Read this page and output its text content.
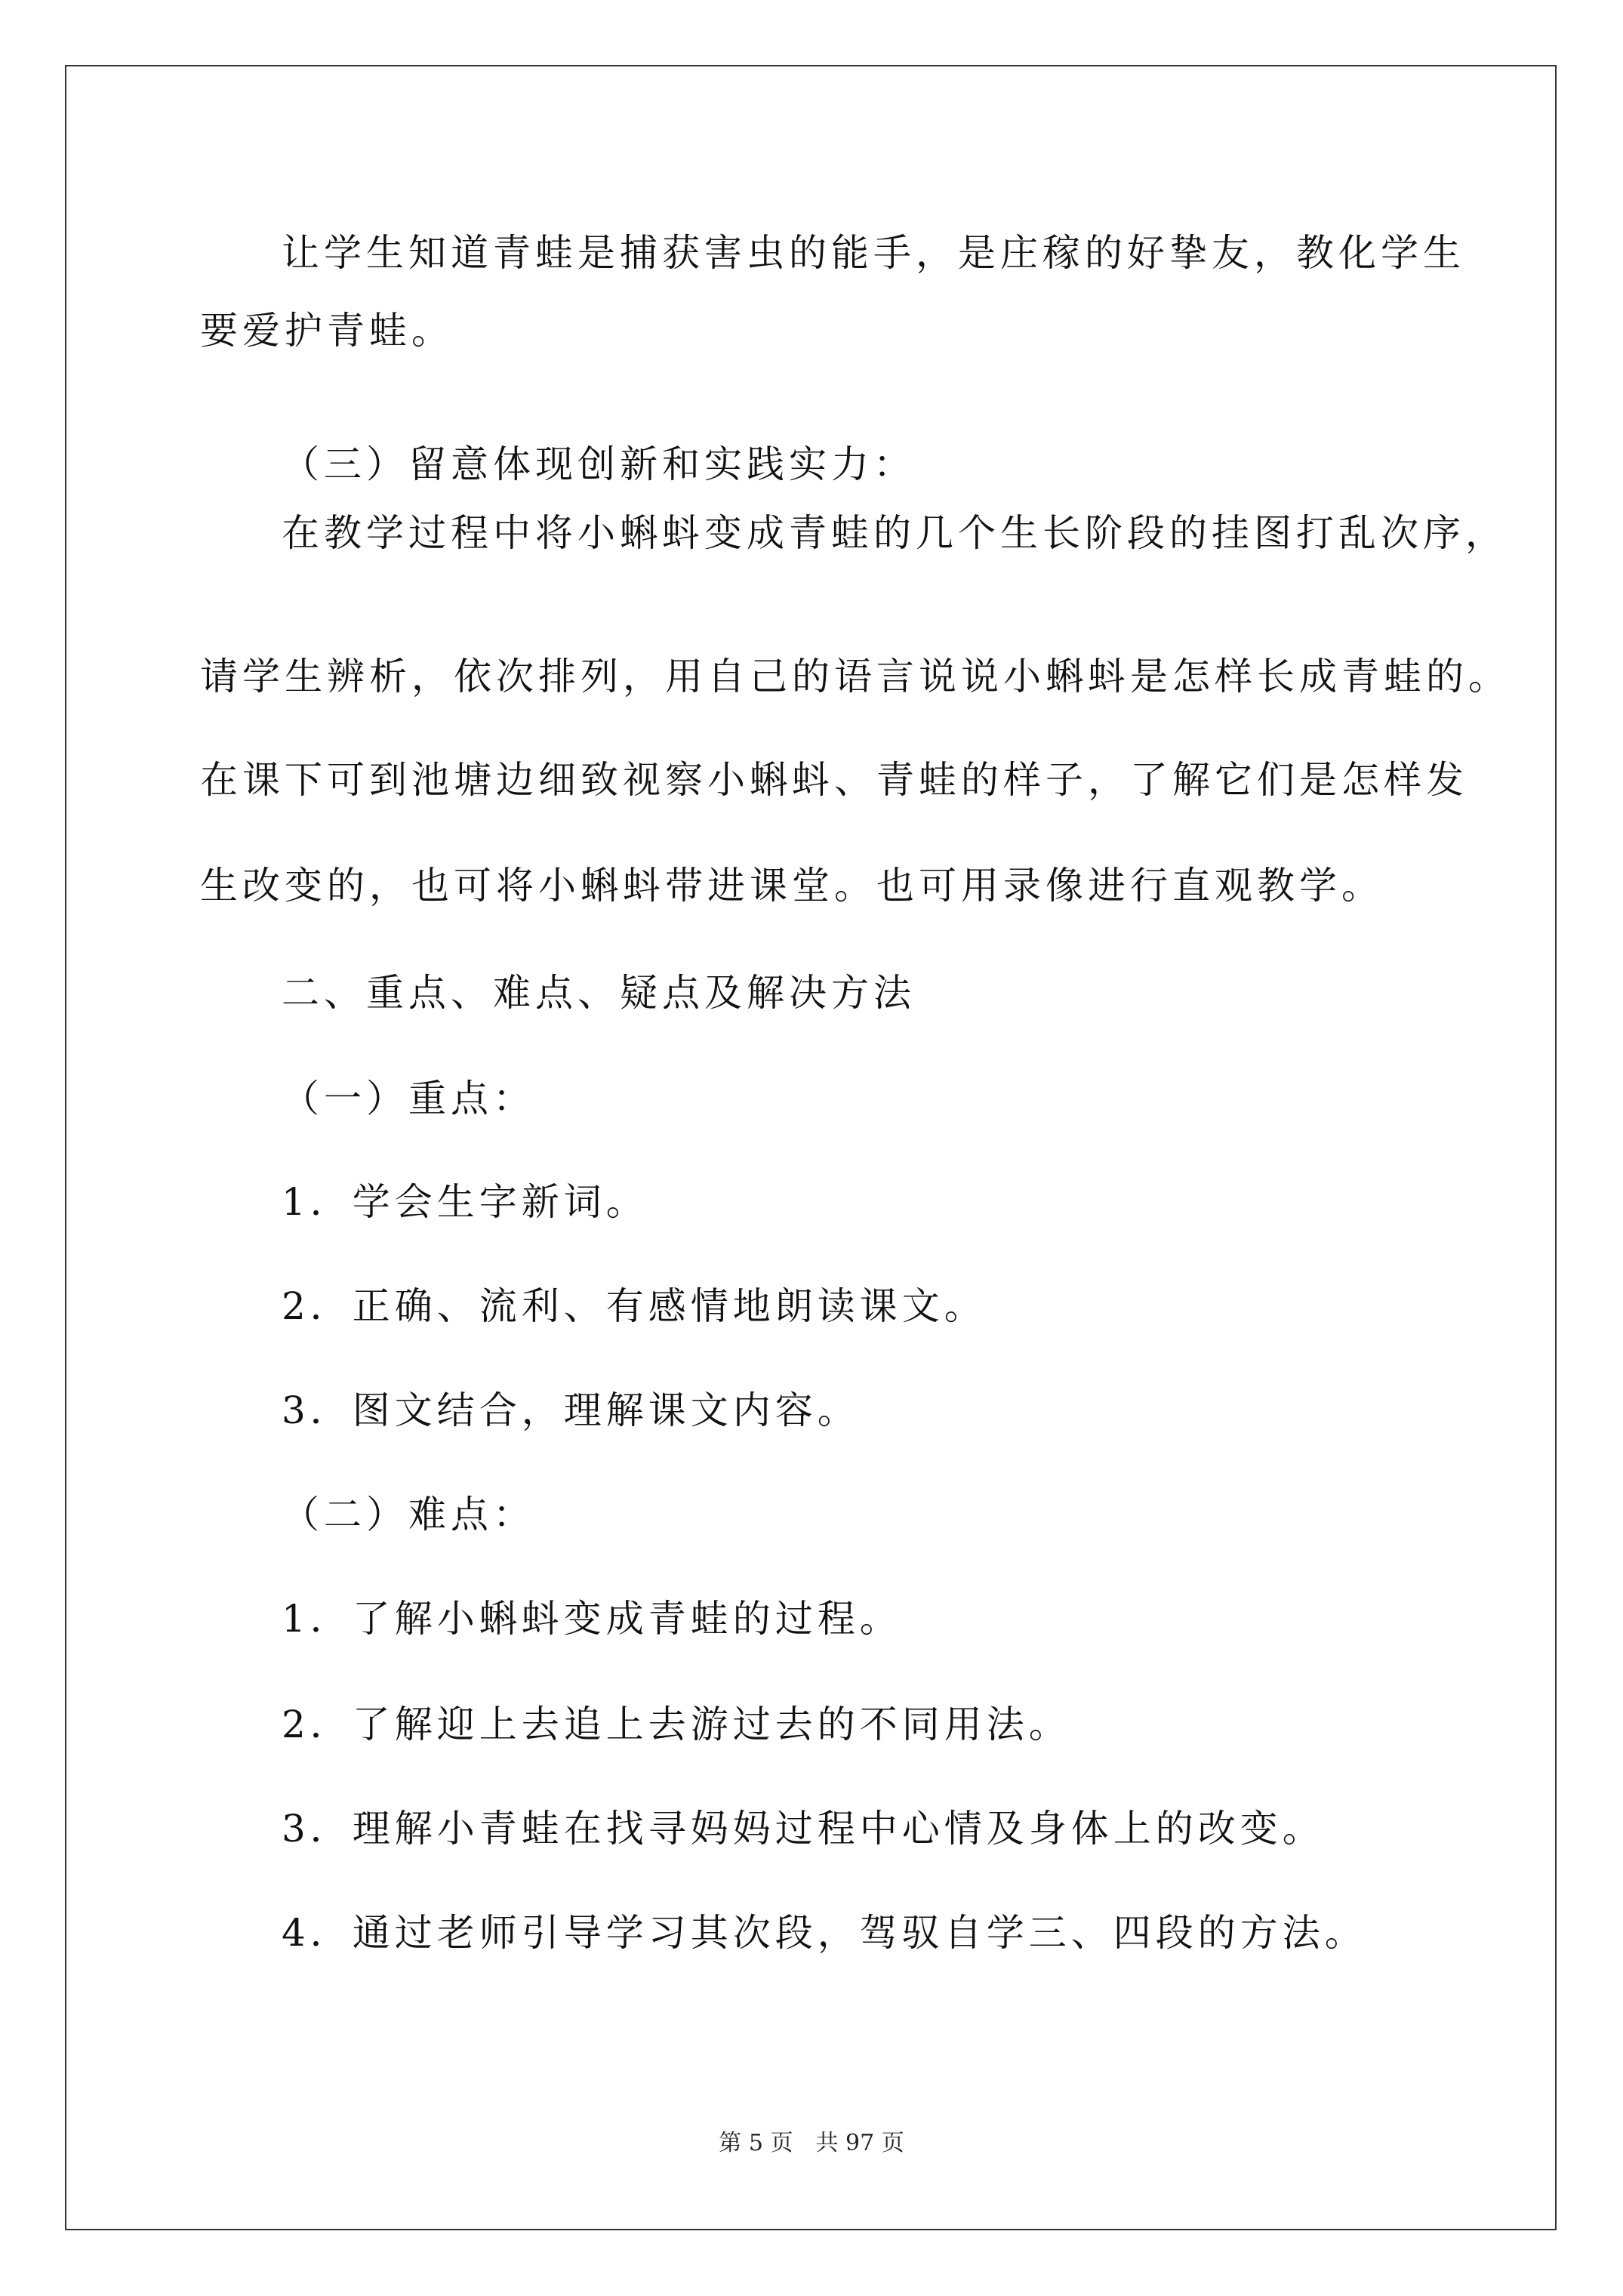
让学生知道青蛙是捕获害虫的能手，是庄稼的好挚友，教化学生
要爱护青蛙。
（三）留意体现创新和实践实力：
在教学过程中将小蝌蚪变成青蛙的几个生长阶段的挂图打乱次序，
请学生辨析，依次排列，用自己的语言说说小蝌蚪是怎样长成青蛙的。
在课下可到池塘边细致视察小蝌蚪、青蛙的样子，了解它们是怎样发
生改变的，也可将小蝌蚪带进课堂。也可用录像进行直观教学。
二、重点、难点、疑点及解决方法
（一）重点：
1．学会生字新词。
2．正确、流利、有感情地朗读课文。
3．图文结合，理解课文内容。
（二）难点：
1．了解小蝌蚪变成青蛙的过程。
2．了解迎上去追上去游过去的不同用法。
3．理解小青蛙在找寻妈妈过程中心情及身体上的改变。
4．通过老师引导学习其次段，驾驭自学三、四段的方法。
第 5 页　共 97 页
